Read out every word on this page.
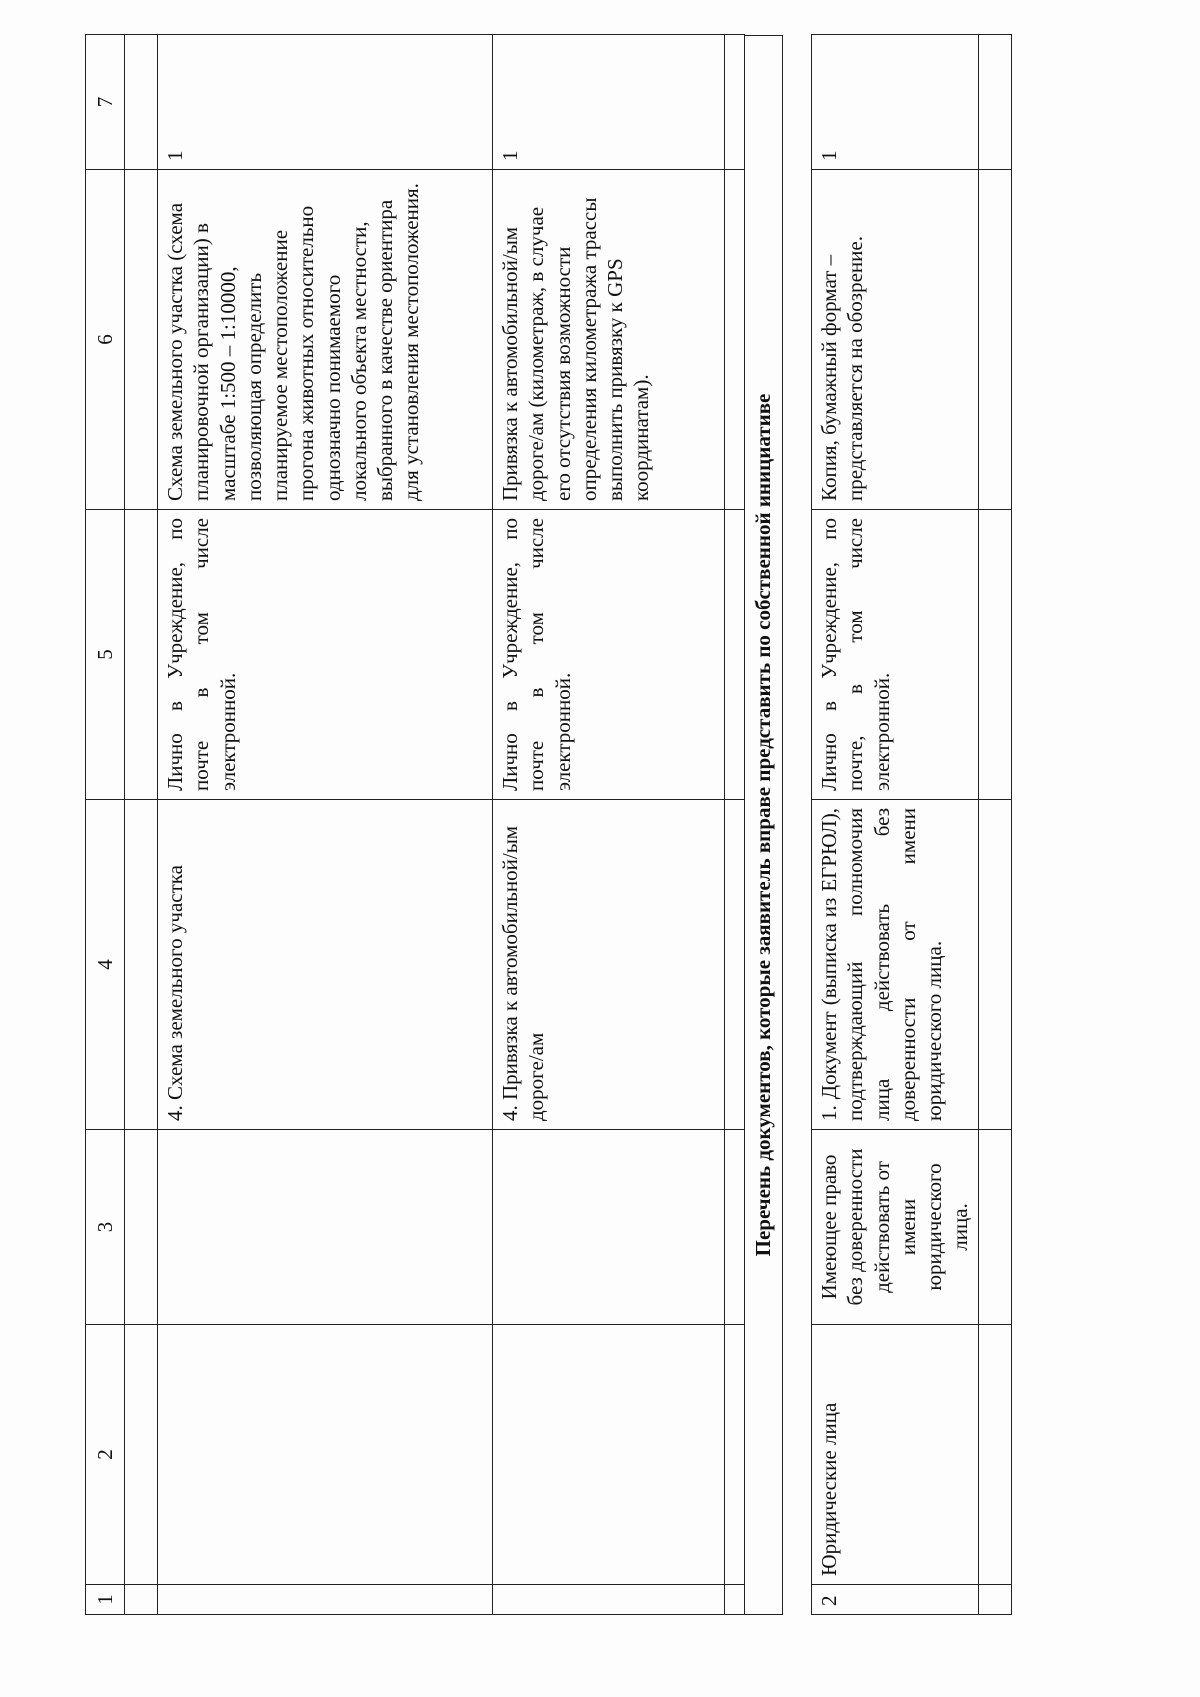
1	2	3	4	5	6	7

			4. Схема земельного участка	Лично в Учреждение, по почте в том числе электронной.	Схема земельного участка (схема планировочной организации) в масштабе 1:500 – 1:10000, позволяющая определить планируемое местоположение прогона животных относительно однозначно понимаемого локального объекта местности, выбранного в качестве ориентира для установления местоположения.	1
			4. Привязка к автомобильной/ым дороге/ам	Лично в Учреждение, по почте в том числе электронной.	Привязка к автомобильной/ым дороге/ам (километраж, в случае его отсутствия возможности определения километража трассы выполнить привязку к GPS координатам).	1

Перечень документов, которые заявитель вправе представить по собственной инициативе
2	Юридические лица	Имеющее право без доверенности действовать от имени юридического лица.	1. Документ (выписка из ЕГРЮЛ), подтверждающий полномочия лица действовать без доверенности от имени юридического лица.	Лично в Учреждение, по почте, в том числе электронной.	Копия, бумажный формат – представляется на обозрение.	1
